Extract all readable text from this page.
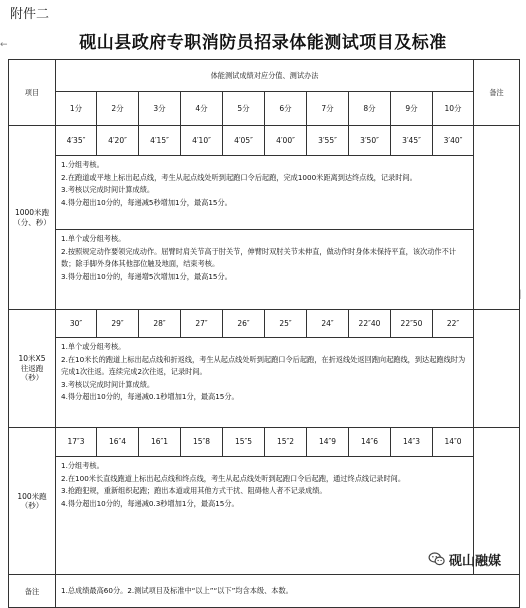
附件二
砚山县政府专职消防员招录体能测试项目及标准
←
│
项目	体能测试成绩对应分值、测试办法										备注
	1分	2分	3分	4分	5分	6分	7分	8分	9分	10分	
1000米跑
（分、秒）	4′35″	4′20″	4′15″	4′10″	4′05″	4′00″	3′55″	3′50″	3′45″	3′40″	

	1.分组考核。

2.在跑道或平地上标出起点线，考生从起点线处听到起跑口令后起跑，完成1000米距离到达终点线，记录时间。

3.考核以完成时间计算成绩。

4.得分超出10分的，每递减5秒增加1分，最高15分。										

	1.单个或分组考核。

2.按照规定动作要领完成动作。屈臂时肩关节高于肘关节，伸臂时双肘关节未伸直，做动作时身体未保持平直，该次动作不计数；除手脚外身体其他部位触及地面，结束考核。

3.得分超出10分的，每递增5次增加1分，最高15分。										

10米X5
往返跑
（秒）	30″	29″	28″	27″	26″	25″	24″	22″40	22″50	22″	

	1.单个或分组考核。

2.在10米长的跑道上标出起点线和折返线，考生从起点线处听到起跑口令后起跑，在折返线处返回跑向起跑线，到达起跑线时为完成1次往返。连续完成2次往返，记录时间。

3.考核以完成时间计算成绩。

4.得分超出10分的，每递减0.1秒增加1分，最高15分。										

100米跑
（秒）	17″3	16″4	16″1	15″8	15″5	15″2	14″9	14″6	14″3	14″0	

	1.分组考核。

2.在100米长直线跑道上标出起点线和终点线，考生从起点线处听到起跑口令后起跑，通过终点线记录时间。

3.抢跑犯规，重新组织起跑；跑出本道或用其他方式干扰、阻碍他人者不记录成绩。

4.得分超出10分的，每递减0.3秒增加1分，最高15分。										

备注	1.总成绩最高60分。2.测试项目及标准中“以上”“以下”均含本级、本数。										
砚山融媒
